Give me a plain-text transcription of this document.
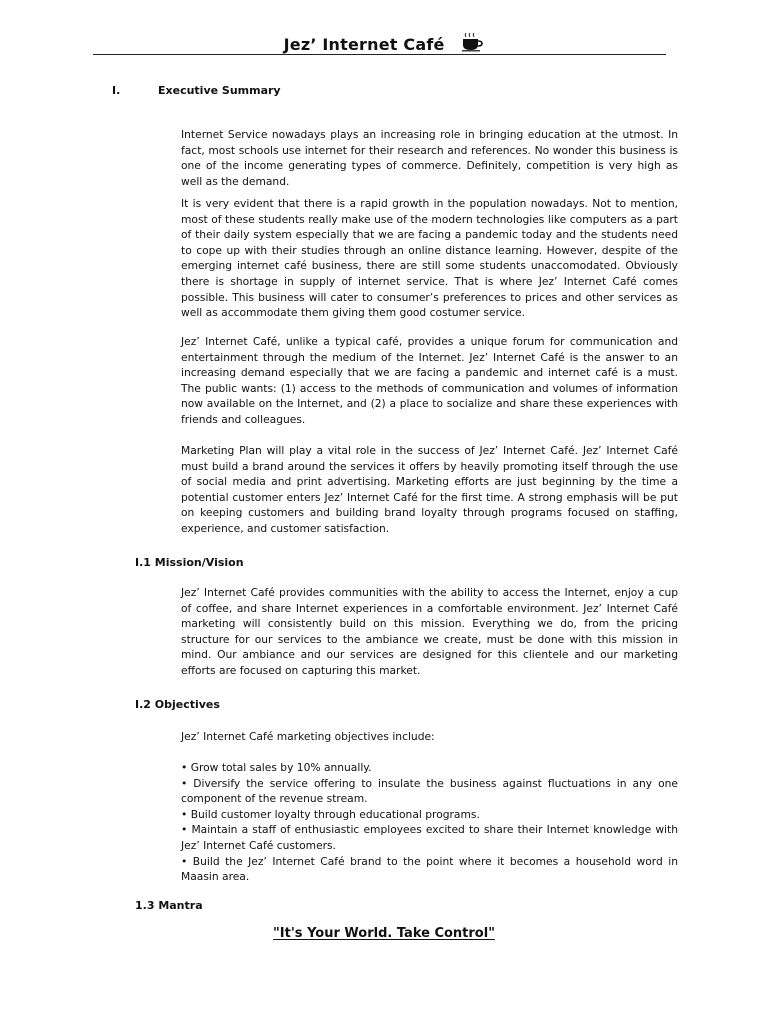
Jez’ Internet Café
I.	Executive Summary

Internet Service nowadays plays an increasing role in bringing education at the utmost. In fact, most schools use internet for their research and references. No wonder this business is one of the income generating types of commerce. Definitely, competition is very high as well as the demand.

It is very evident that there is a rapid growth in the population nowadays. Not to mention, most of these students really make use of the modern technologies like computers as a part of their daily system especially that we are facing a pandemic today and the students need to cope up with their studies through an online distance learning. However, despite of the emerging internet café business, there are still some students unaccomodated. Obviously there is shortage in supply of internet service. That is where Jez’ Internet Café comes possible. This business will cater to consumer’s preferences to prices and other services as well as accommodate them giving them good costumer service.

Jez’ Internet Café, unlike a typical café, provides a unique forum for communication and entertainment through the medium of the Internet. Jez’ Internet Café is the answer to an increasing demand especially that we are facing a pandemic and internet café is a must. The public wants: (1) access to the methods of communication and volumes of information now available on the Internet, and (2) a place to socialize and share these experiences with friends and colleagues.

Marketing Plan will play a vital role in the success of Jez’ Internet Café. Jez’ Internet Café must build a brand around the services it offers by heavily promoting itself through the use of social media and print advertising. Marketing efforts are just beginning by the time a potential customer enters Jez’ Internet Café for the first time. A strong emphasis will be put on keeping customers and building brand loyalty through programs focused on staffing, experience, and customer satisfaction.

I.1 Mission/Vision

Jez’ Internet Café provides communities with the ability to access the Internet, enjoy a cup of coffee, and share Internet experiences in a comfortable environment. Jez’ Internet Café marketing will consistently build on this mission. Everything we do, from the pricing structure for our services to the ambiance we create, must be done with this mission in mind. Our ambiance and our services are designed for this clientele and our marketing efforts are focused on capturing this market.

I.2 Objectives

Jez’ Internet Café marketing objectives include:

• Grow total sales by 10% annually.

• Diversify the service offering to insulate the business against fluctuations in any one component of the revenue stream.

• Build customer loyalty through educational programs.

• Maintain a staff of enthusiastic employees excited to share their Internet knowledge with Jez’ Internet Café customers.

• Build the Jez’ Internet Café brand to the point where it becomes a household word in Maasin area.

1.3 Mantra
"It's Your World. Take Control"
